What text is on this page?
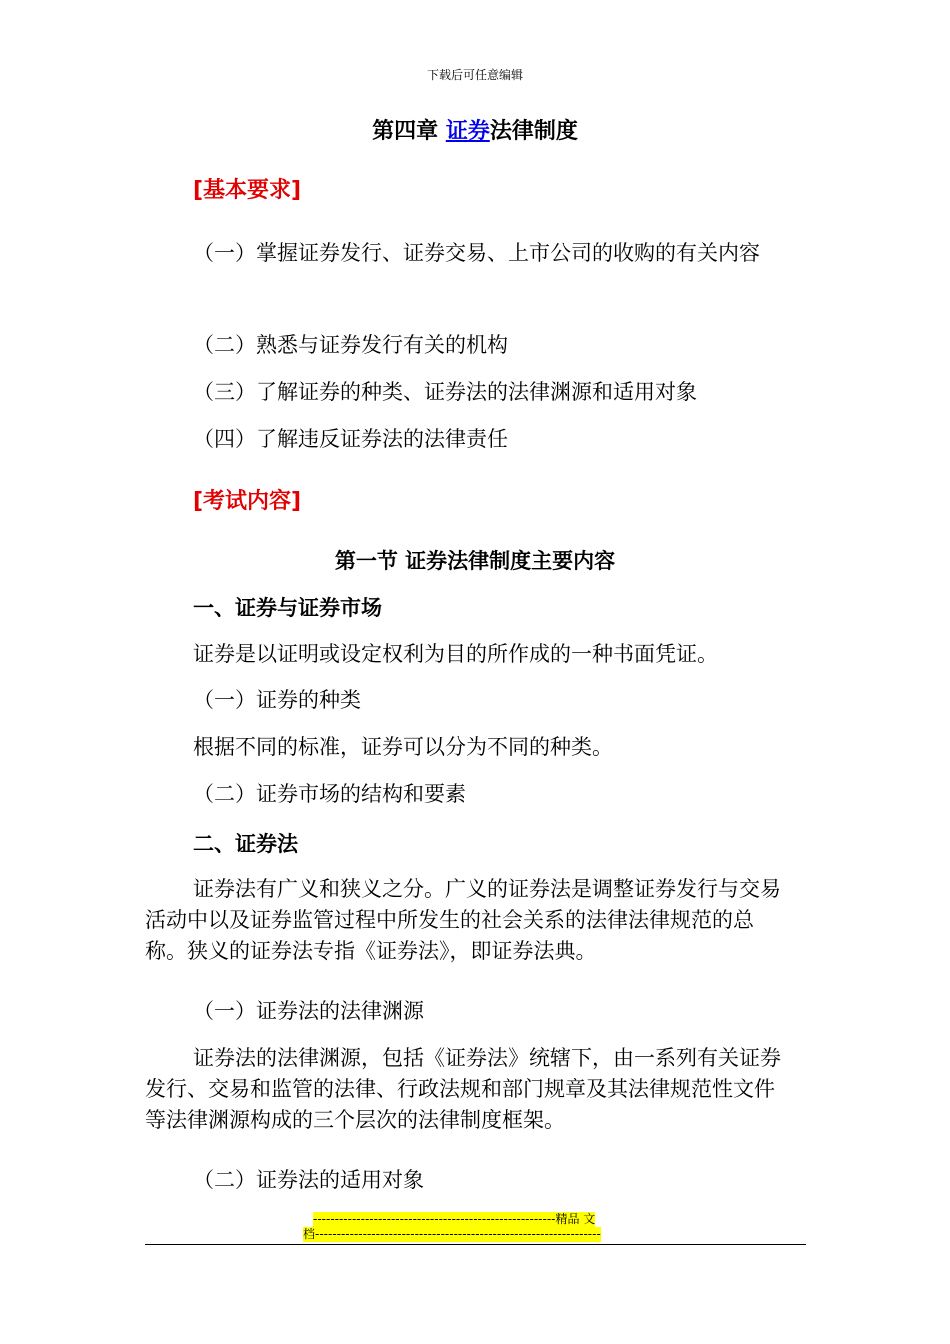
下载后可任意编辑
第四章 证券法律制度
[基本要求]
（一）掌握证券发行、证券交易、上市公司的收购的有关内容
（二）熟悉与证券发行有关的机构
（三）了解证券的种类、证券法的法律渊源和适用对象
（四）了解违反证券法的法律责任
[考试内容]
第一节 证券法律制度主要内容
一、证券与证券市场
证券是以证明或设定权利为目的所作成的一种书面凭证。
（一）证券的种类
根据不同的标准，证券可以分为不同的种类。
（二）证券市场的结构和要素
二、证券法
证券法有广义和狭义之分。广义的证券法是调整证券发行与交易活动中以及证券监管过程中所发生的社会关系的法律法律规范的总称。狭义的证券法专指《证券法》，即证券法典。
（一）证券法的法律渊源
证券法的法律渊源，包括《证券法》统辖下，由一系列有关证券发行、交易和监管的法律、行政法规和部门规章及其法律规范性文件等法律渊源构成的三个层次的法律制度框架。
（二）证券法的适用对象
--------------------------------------------------------精品 文
档------------------------------------------------------------------
